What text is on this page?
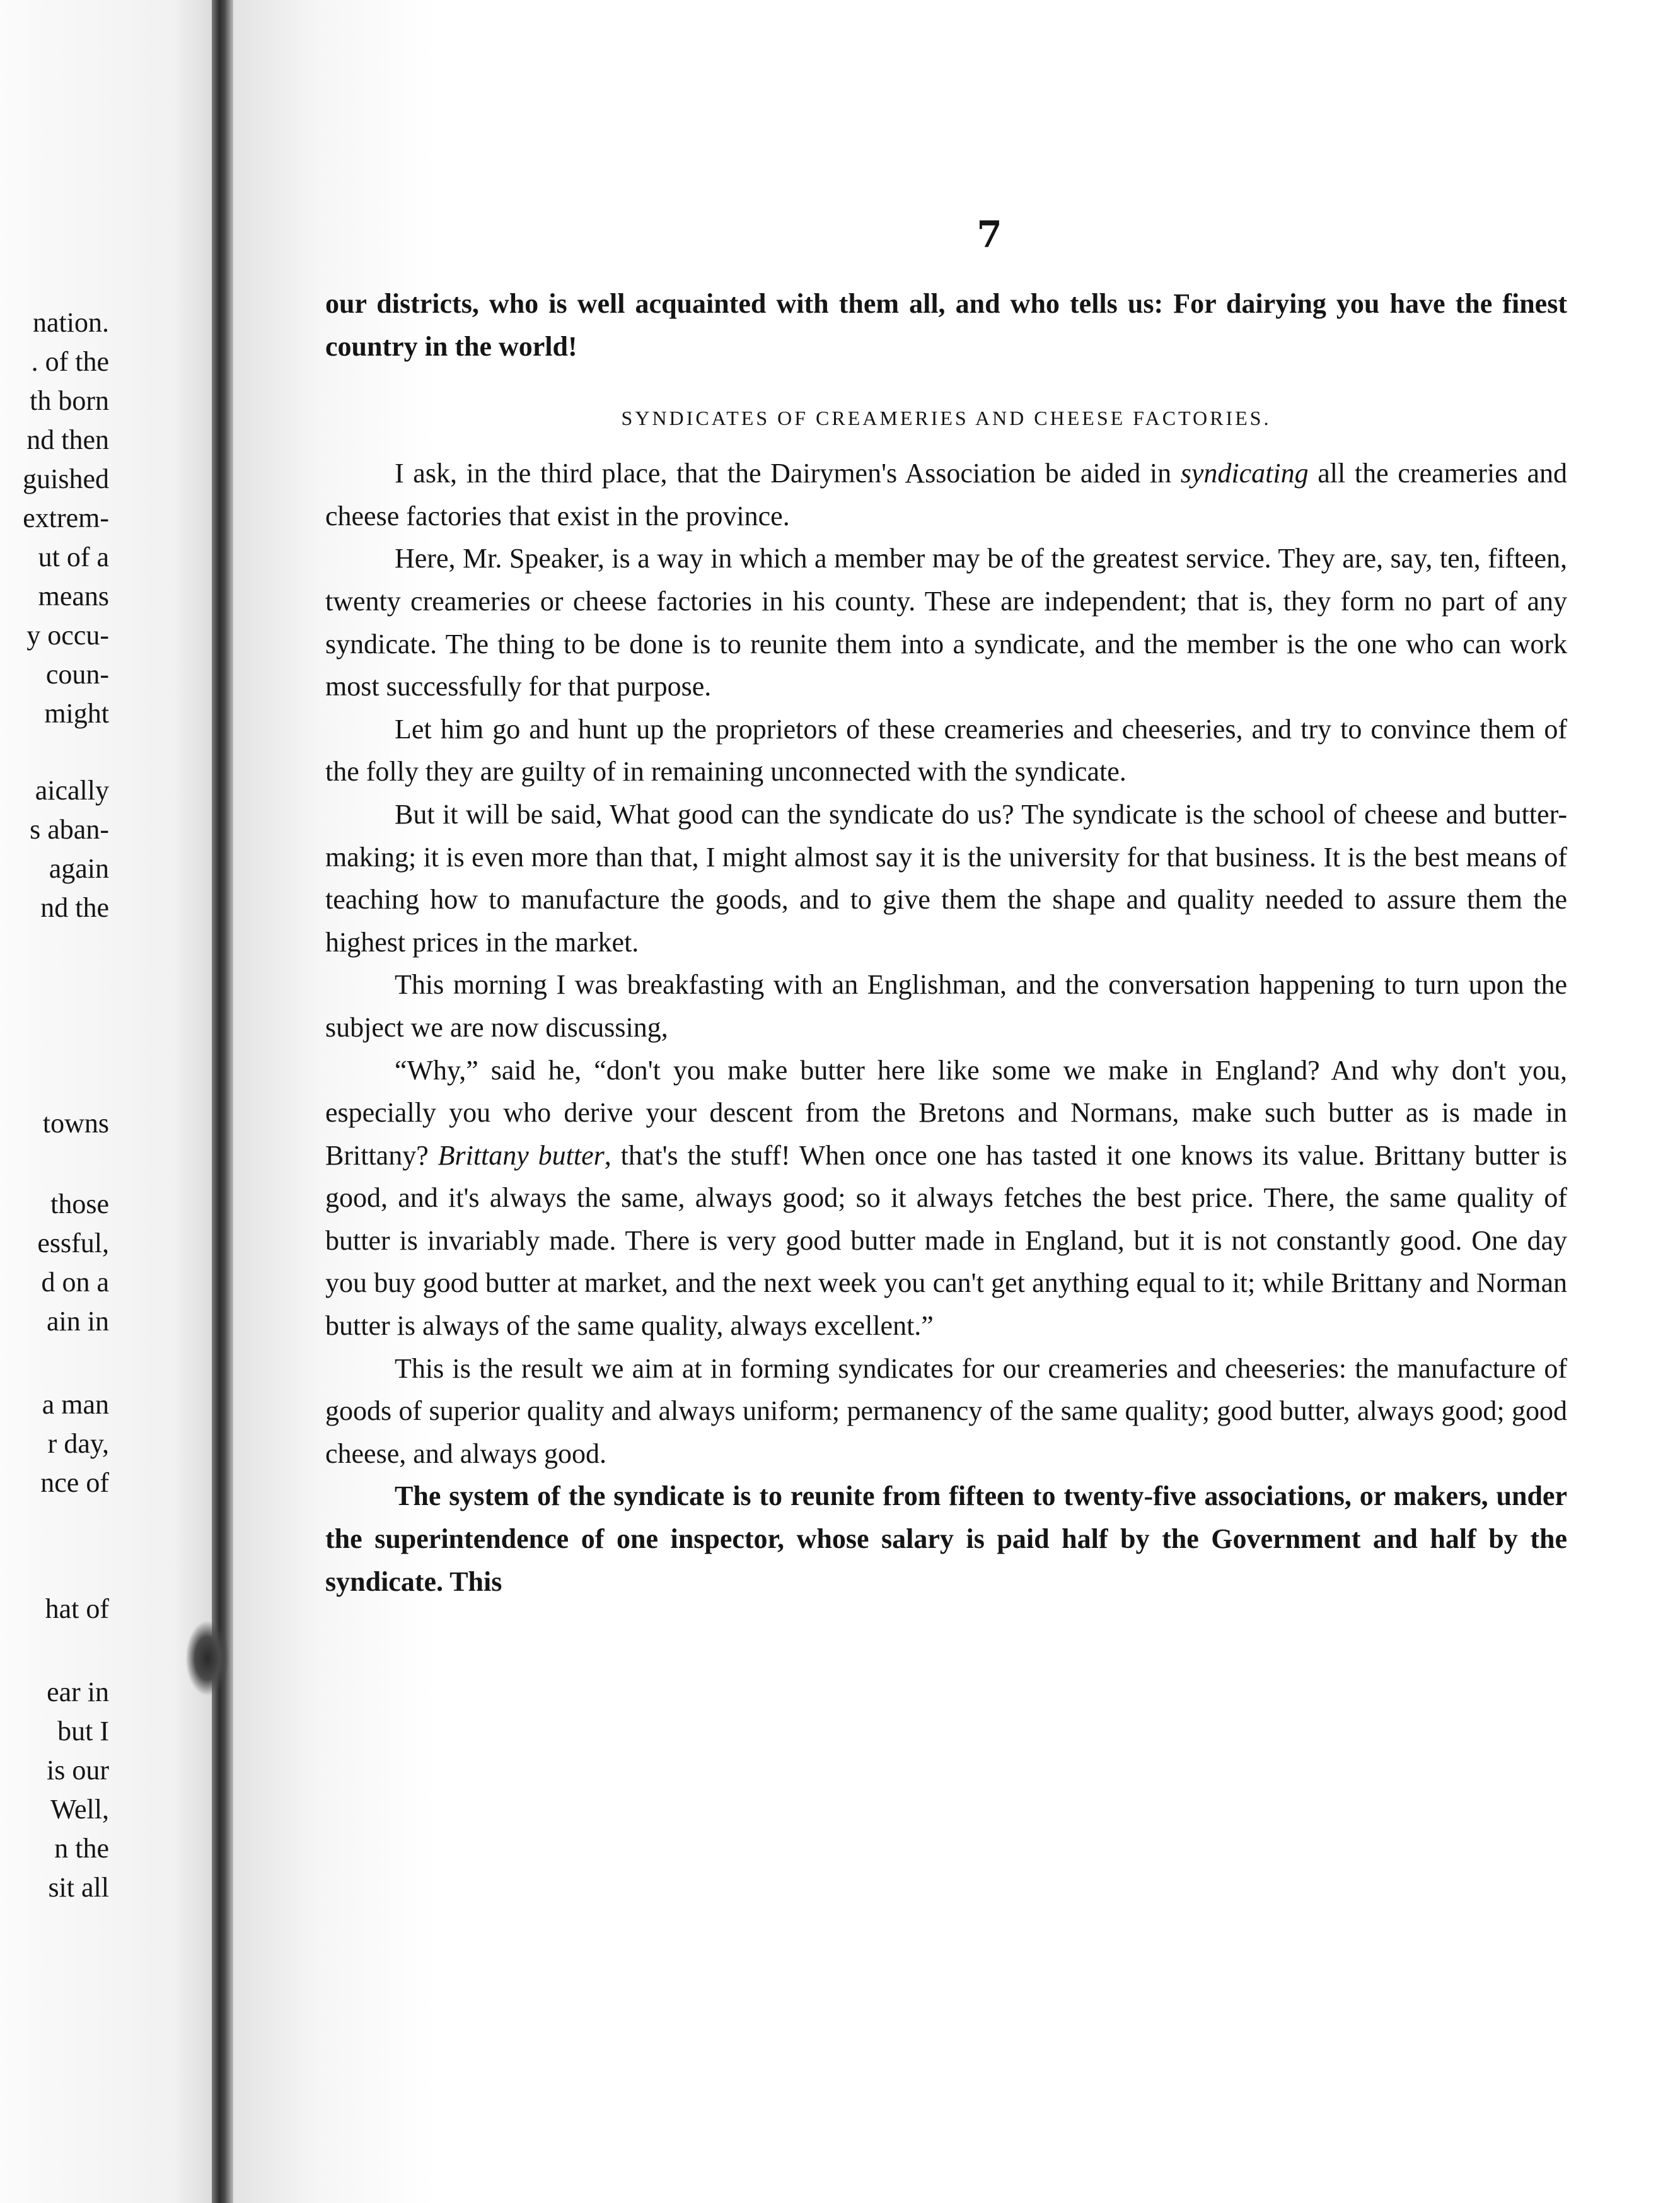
nation.
. of the
th born
nd then
guished
extrem-
ut of a
means
y occu-
coun-
might
aically
s aban-
again
nd the
towns
those
essful,
d on a
ain in
a man
r day,
nce of
hat of
ear in
but I
is our
Well,
n the
sit all
7

our districts, who is well acquainted with them all, and who tells us: For dairying you have the finest country in the world!

SYNDICATES OF CREAMERIES AND CHEESE FACTORIES.

I ask, in the third place, that the Dairymen's Association be aided in syndicating all the creameries and cheese factories that exist in the province.

Here, Mr. Speaker, is a way in which a member may be of the greatest service. They are, say, ten, fifteen, twenty creameries or cheese factories in his county. These are independent; that is, they form no part of any syndicate. The thing to be done is to reunite them into a syndicate, and the member is the one who can work most successfully for that purpose.

Let him go and hunt up the proprietors of these creameries and cheeseries, and try to convince them of the folly they are guilty of in remaining unconnected with the syndicate.

But it will be said, What good can the syndicate do us? The syndicate is the school of cheese and butter-making; it is even more than that, I might almost say it is the university for that business. It is the best means of teaching how to manufacture the goods, and to give them the shape and quality needed to assure them the highest prices in the market.

This morning I was breakfasting with an Englishman, and the conversation happening to turn upon the subject we are now discussing,

“Why,” said he, “don't you make butter here like some we make in England? And why don't you, especially you who derive your descent from the Bretons and Normans, make such butter as is made in Brittany? Brittany butter, that's the stuff! When once one has tasted it one knows its value. Brittany butter is good, and it's always the same, always good; so it always fetches the best price. There, the same quality of butter is invariably made. There is very good butter made in England, but it is not constantly good. One day you buy good butter at market, and the next week you can't get anything equal to it; while Brittany and Norman butter is always of the same quality, always excellent.”

This is the result we aim at in forming syndicates for our creameries and cheeseries: the manufacture of goods of superior quality and always uniform; permanency of the same quality; good butter, always good; good cheese, and always good.

The system of the syndicate is to reunite from fifteen to twenty-five associations, or makers, under the superintendence of one inspector, whose salary is paid half by the Government and half by the syndicate. This
